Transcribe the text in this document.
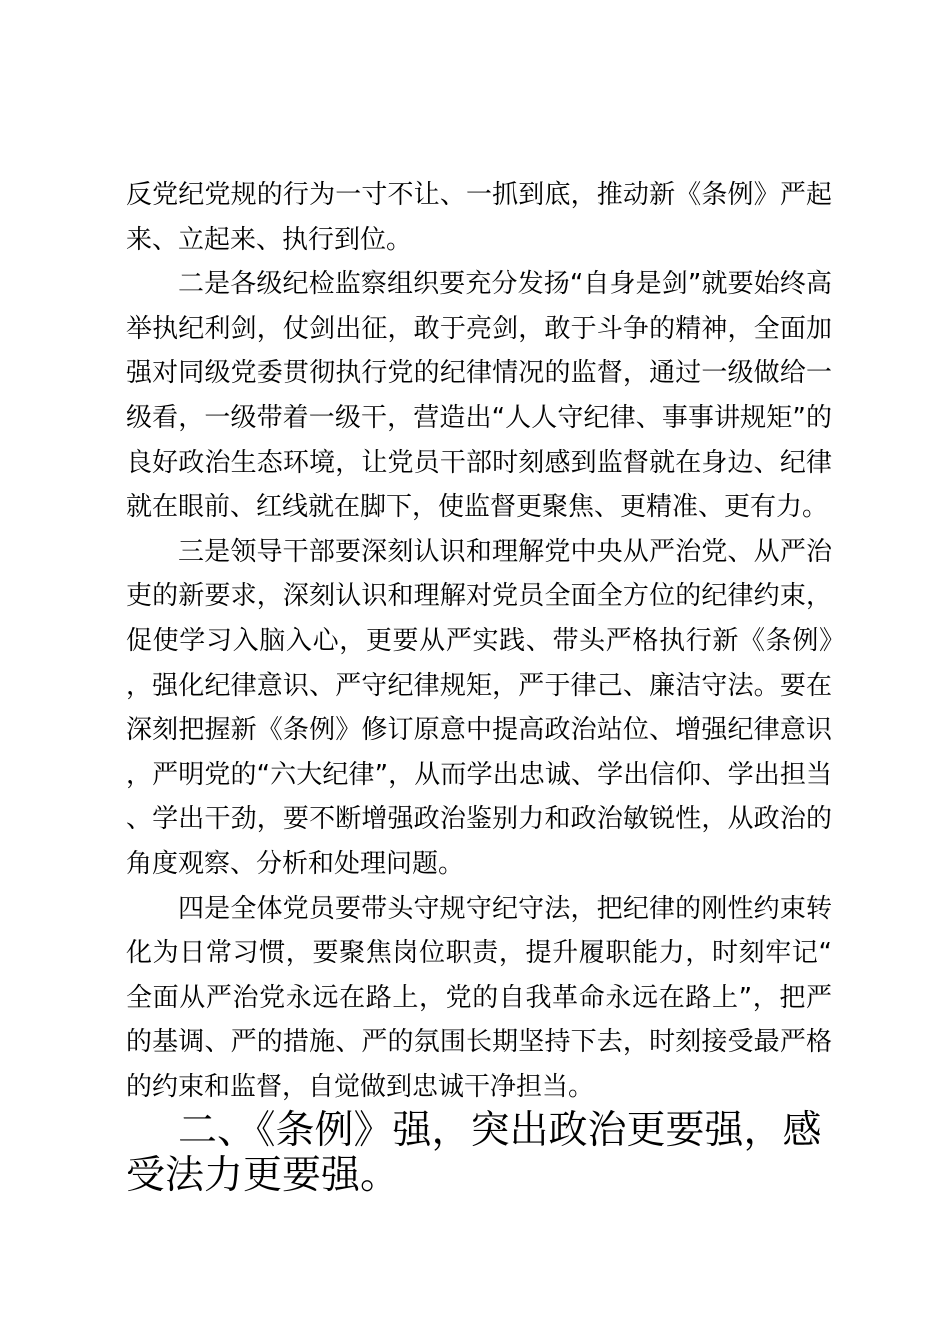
反党纪党规的行为一寸不让、一抓到底，推动新《条例》严起来、立起来、执行到位。

二是各级纪检监察组织要充分发扬“自身是剑”就要始终高举执纪利剑，仗剑出征，敢于亮剑，敢于斗争的精神，全面加强对同级党委贯彻执行党的纪律情况的监督，通过一级做给一级看，一级带着一级干，营造出“人人守纪律、事事讲规矩”的良好政治生态环境，让党员干部时刻感到监督就在身边、纪律就在眼前、红线就在脚下，使监督更聚焦、更精准、更有力。

三是领导干部要深刻认识和理解党中央从严治党、从严治吏的新要求，深刻认识和理解对党员全面全方位的纪律约束，促使学习入脑入心，更要从严实践、带头严格执行新《条例》，强化纪律意识、严守纪律规矩，严于律己、廉洁守法。要在深刻把握新《条例》修订原意中提高政治站位、增强纪律意识，严明党的“六大纪律”，从而学出忠诚、学出信仰、学出担当、学出干劲，要不断增强政治鉴别力和政治敏锐性，从政治的角度观察、分析和处理问题。

四是全体党员要带头守规守纪守法，把纪律的刚性约束转化为日常习惯，要聚焦岗位职责，提升履职能力，时刻牢记“全面从严治党永远在路上，党的自我革命永远在路上”，把严的基调、严的措施、严的氛围长期坚持下去，时刻接受最严格的约束和监督，自觉做到忠诚干净担当。

二、《条例》强，突出政治更要强，感受法力更要强。
